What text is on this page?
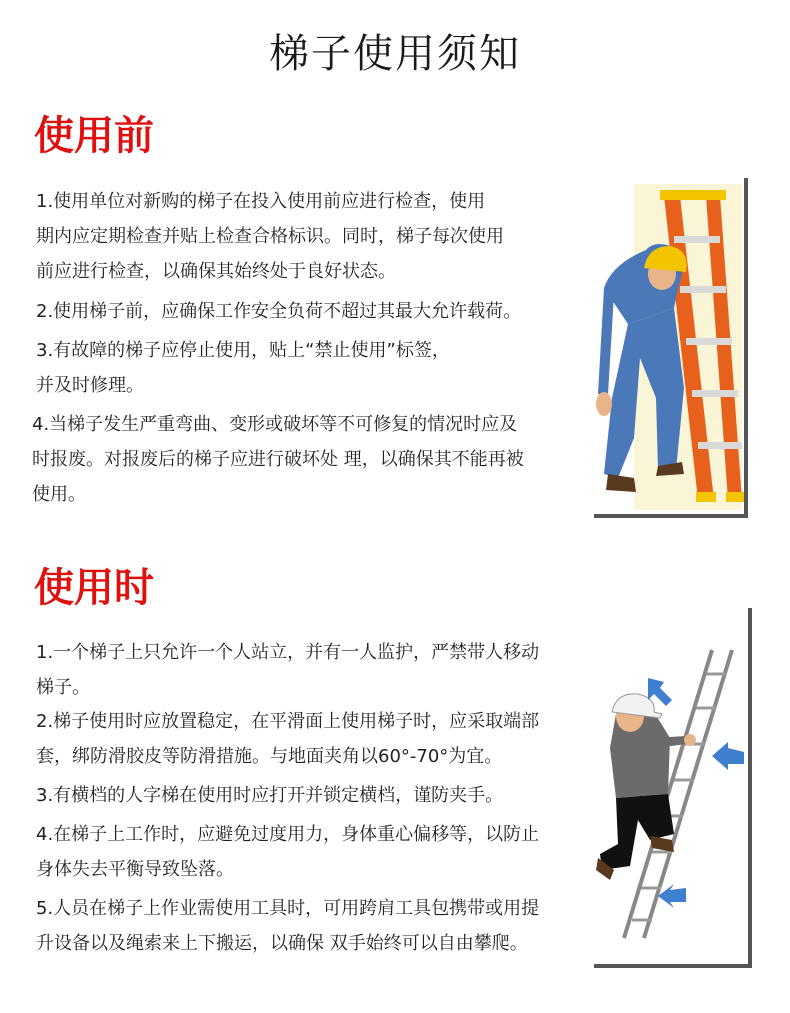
梯子使用须知
使用前

1.使用单位对新购的梯子在投入使用前应进行检查，使用
期内应定期检查并贴上检查合格标识。同时，梯子每次使用
前应进行检查，以确保其始终处于良好状态。

2.使用梯子前，应确保工作安全负荷不超过其最大允许载荷。

3.有故障的梯子应停止使用，贴上“禁止使用”标签，
并及时修理。

4.当梯子发生严重弯曲、变形或破坏等不可修复的情况时应及
时报废。对报废后的梯子应进行破坏处 理，以确保其不能再被
使用。

使用时

1.一个梯子上只允许一个人站立，并有一人监护，严禁带人移动
梯子。

2.梯子使用时应放置稳定，在平滑面上使用梯子时，应采取端部
套，绑防滑胶皮等防滑措施。与地面夹角以60°-70°为宜。

3.有横档的人字梯在使用时应打开并锁定横档，谨防夹手。

4.在梯子上工作时，应避免过度用力，身体重心偏移等，以防止
身体失去平衡导致坠落。

5.人员在梯子上作业需使用工具时，可用跨肩工具包携带或用提
升设备以及绳索来上下搬运，以确保 双手始终可以自由攀爬。
